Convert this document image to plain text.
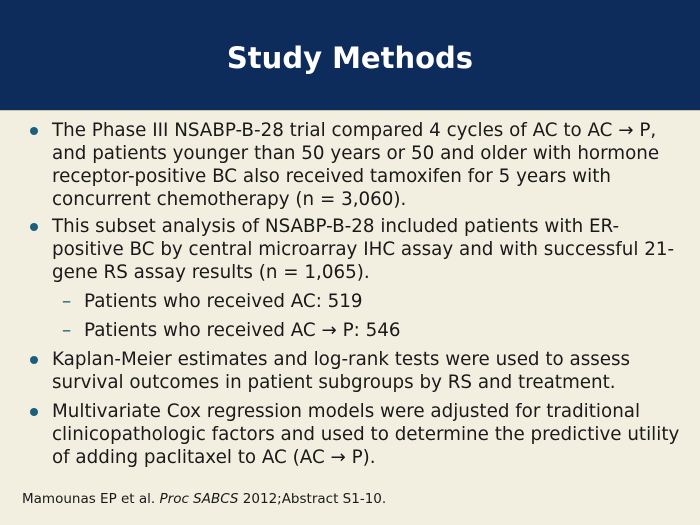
Study Methods
The Phase III NSABP-B-28 trial compared 4 cycles of AC to AC → P, and patients younger than 50 years or 50 and older with hormone receptor-positive BC also received tamoxifen for 5 years with concurrent chemotherapy (n = 3,060).
This subset analysis of NSABP-B-28 included patients with ER-positive BC by central microarray IHC assay and with successful 21-gene RS assay results (n = 1,065).
– Patients who received AC: 519
– Patients who received AC → P: 546
Kaplan-Meier estimates and log-rank tests were used to assess survival outcomes in patient subgroups by RS and treatment.
Multivariate Cox regression models were adjusted for traditional clinicopathologic factors and used to determine the predictive utility of adding paclitaxel to AC (AC → P).
Mamounas EP et al. Proc SABCS 2012;Abstract S1-10.
